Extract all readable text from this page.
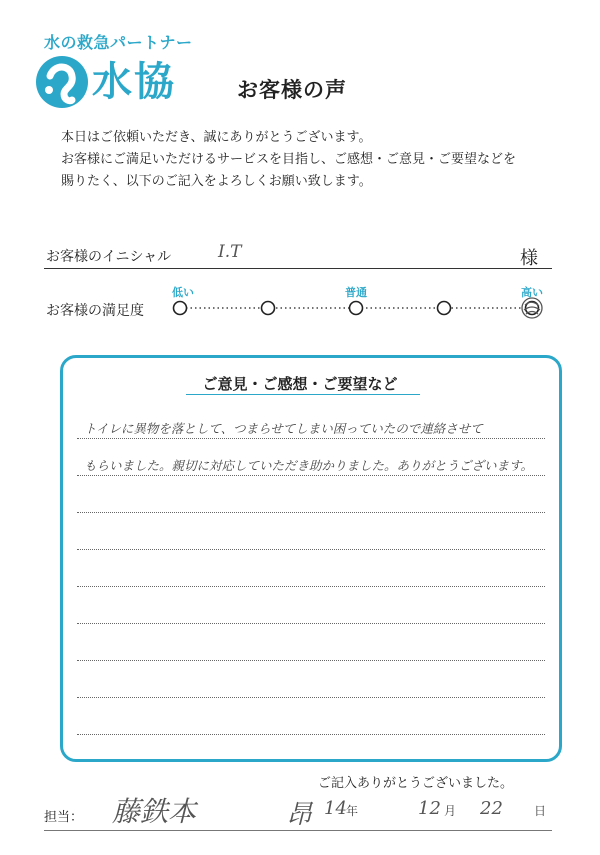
水の救急パートナー
水協	お客様の声
本日はご依頼いただき、誠にありがとうございます。
お客様にご満足いただけるサービスを目指し、ご感想・ご意見・ご要望などを
賜りたく、以下のご記入をよろしくお願い致します。
お客様のイニシャル	I.T	様
お客様の満足度
低い	普通	高い
ご意見・ご感想・ご要望など
トイレに異物を落として、つまらせてしまい困っていたので連絡させて
もらいました。親切に対応していただき助かりました。ありがとうございます。
ご記入ありがとうございました。
担当： 藤鉄本	昂 14 年	12 月 22	日
